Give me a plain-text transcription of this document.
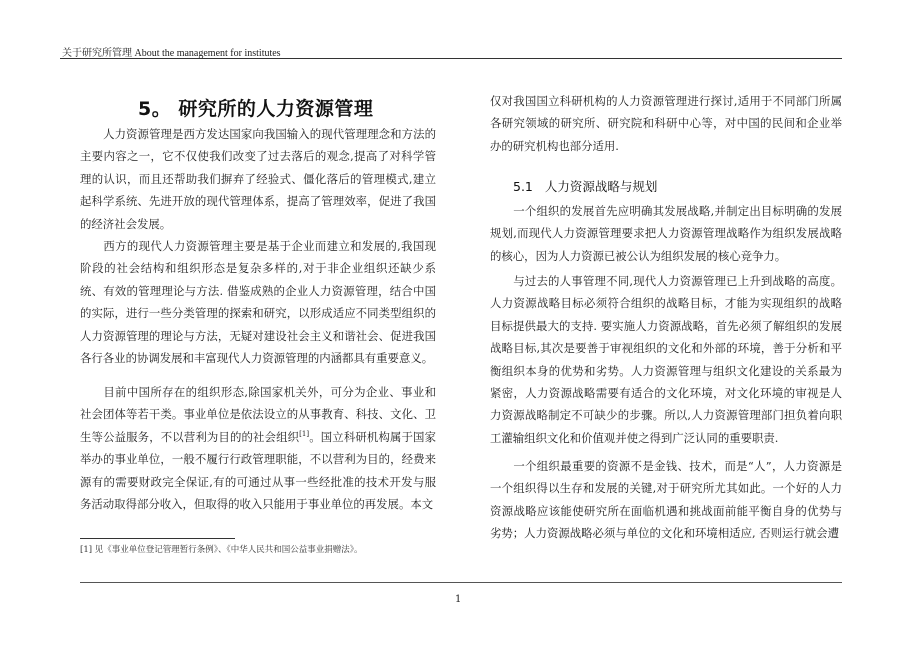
关于研究所管理 About the management for institutes
5。 研究所的人力资源管理
人力资源管理是西方发达国家向我国输入的现代管理理念和方法的主要内容之一，它不仅使我们改变了过去落后的观念,提高了对科学管理的认识，而且还帮助我们摒弃了经验式、僵化落后的管理模式,建立起科学系统、先进开放的现代管理体系，提高了管理效率，促进了我国的经济社会发展。
西方的现代人力资源管理主要是基于企业而建立和发展的,我国现阶段的社会结构和组织形态是复杂多样的,对于非企业组织还缺少系统、有效的管理理论与方法. 借鉴成熟的企业人力资源管理，结合中国的实际，进行一些分类管理的探索和研究，以形成适应不同类型组织的人力资源管理的理论与方法，无疑对建设社会主义和谐社会、促进我国各行各业的协调发展和丰富现代人力资源管理的内涵都具有重要意义。
目前中国所存在的组织形态,除国家机关外，可分为企业、事业和社会团体等若干类。事业单位是依法设立的从事教育、科技、文化、卫生等公益服务，不以营利为目的的社会组织[1]。国立科研机构属于国家举办的事业单位，一般不履行行政管理职能，不以营利为目的，经费来源有的需要财政完全保证,有的可通过从事一些经批准的技术开发与服务活动取得部分收入，但取得的收入只能用于事业单位的再发展。本文
仅对我国国立科研机构的人力资源管理进行探讨,适用于不同部门所属各研究领域的研究所、研究院和科研中心等，对中国的民间和企业举办的研究机构也部分适用.
5.1 人力资源战略与规划
一个组织的发展首先应明确其发展战略,并制定出目标明确的发展规划,而现代人力资源管理要求把人力资源管理战略作为组织发展战略的核心，因为人力资源已被公认为组织发展的核心竞争力。
与过去的人事管理不同,现代人力资源管理已上升到战略的高度。人力资源战略目标必须符合组织的战略目标，才能为实现组织的战略目标提供最大的支持. 要实施人力资源战略，首先必须了解组织的发展战略目标,其次是要善于审视组织的文化和外部的环境，善于分析和平衡组织本身的优势和劣势。人力资源管理与组织文化建设的关系最为紧密，人力资源战略需要有适合的文化环境，对文化环境的审视是人力资源战略制定不可缺少的步骤。所以,人力资源管理部门担负着向职工灌输组织文化和价值观并使之得到广泛认同的重要职责.
一个组织最重要的资源不是金钱、技术，而是“人”，人力资源是一个组织得以生存和发展的关键,对于研究所尤其如此。一个好的人力资源战略应该能使研究所在面临机遇和挑战面前能平衡自身的优势与劣势；人力资源战略必须与单位的文化和环境相适应, 否则运行就会遭
[1] 见《事业单位登记管理暂行条例》、《中华人民共和国公益事业捐赠法》。
1
